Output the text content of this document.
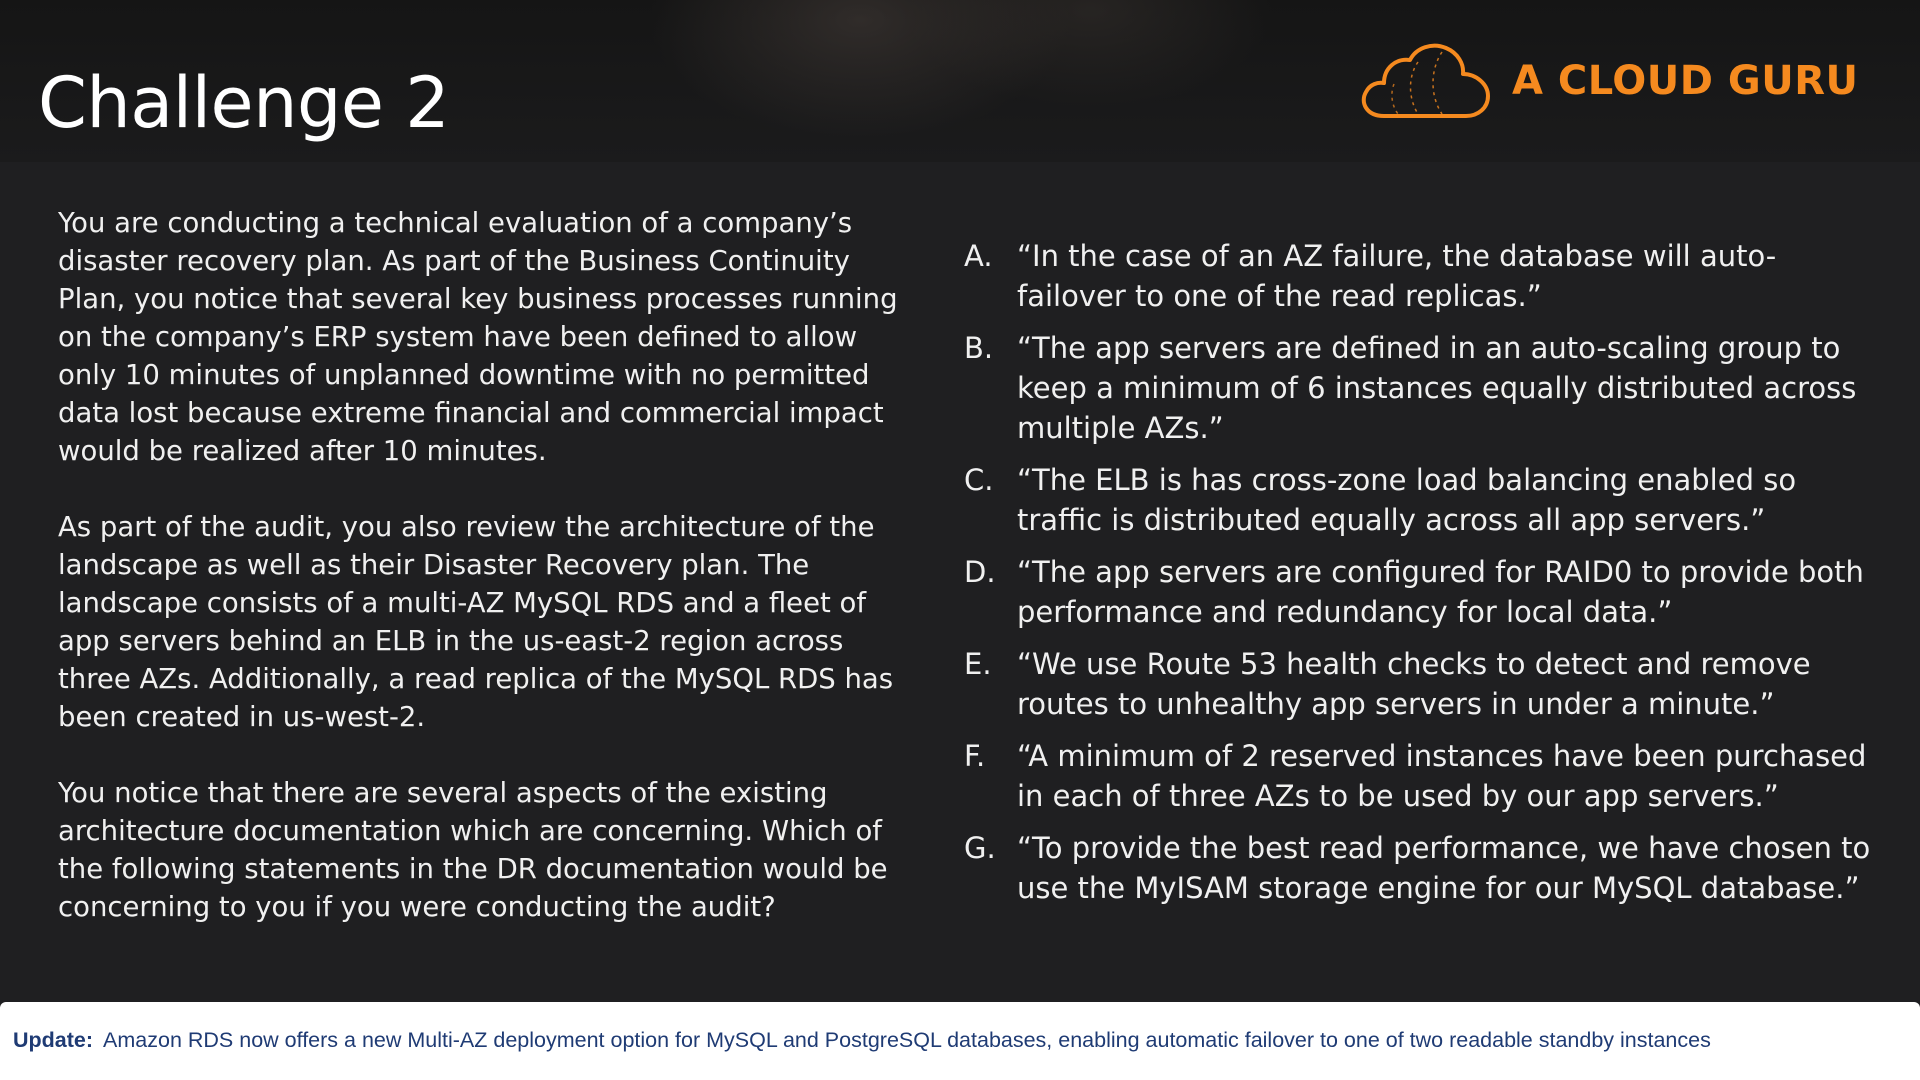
Challenge 2	A CLOUD GURU

You are conducting a technical evaluation of a company’s disaster recovery plan. As part of the Business Continuity Plan, you notice that several key business processes running on the company’s ERP system have been defined to allow only 10 minutes of unplanned downtime with no permitted data lost because extreme financial and commercial impact would be realized after 10 minutes.

As part of the audit, you also review the architecture of the landscape as well as their Disaster Recovery plan. The landscape consists of a multi-AZ MySQL RDS and a fleet of app servers behind an ELB in the us-east-2 region across three AZs. Additionally, a read replica of the MySQL RDS has been created in us-west-2.

You notice that there are several aspects of the existing architecture documentation which are concerning. Which of the following statements in the DR documentation would be concerning to you if you were conducting the audit?

A. “In the case of an AZ failure, the database will auto-failover to one of the read replicas.”
B. “The app servers are defined in an auto-scaling group to keep a minimum of 6 instances equally distributed across multiple AZs.”
C. “The ELB is has cross-zone load balancing enabled so traffic is distributed equally across all app servers.”
D. “The app servers are configured for RAID0 to provide both performance and redundancy for local data.”
E. “We use Route 53 health checks to detect and remove routes to unhealthy app servers in under a minute.”
F. “A minimum of 2 reserved instances have been purchased in each of three AZs to be used by our app servers.”
G. “To provide the best read performance, we have chosen to use the MyISAM storage engine for our MySQL database.”
Update: Amazon RDS now offers a new Multi-AZ deployment option for MySQL and PostgreSQL databases, enabling automatic failover to one of two readable standby instances
